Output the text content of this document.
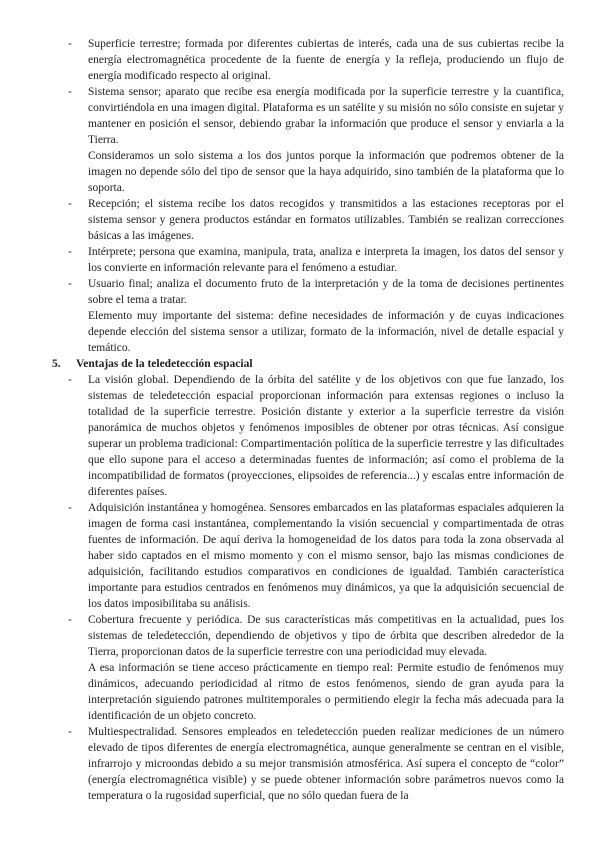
- Superficie terrestre; formada por diferentes cubiertas de interés, cada una de sus cubiertas recibe la energía electromagnética procedente de la fuente de energía y la refleja, produciendo un flujo de energía modificado respecto al original.

- Sistema sensor; aparato que recibe esa energía modificada por la superficie terrestre y la cuantifica, convirtiéndola en una imagen digital. Plataforma es un satélite y su misión no sólo consiste en sujetar y mantener en posición el sensor, debiendo grabar la información que produce el sensor y enviarla a la Tierra.

Consideramos un solo sistema a los dos juntos porque la información que podremos obtener de la imagen no depende sólo del tipo de sensor que la haya adquirido, sino también de la plataforma que lo soporta.

- Recepción; el sistema recibe los datos recogidos y transmitidos a las estaciones receptoras por el sistema sensor y genera productos estándar en formatos utilizables. También se realizan correcciones básicas a las imágenes.

- Intérprete; persona que examina, manipula, trata, analiza e interpreta la imagen, los datos del sensor y los convierte en información relevante para el fenómeno a estudiar.

- Usuario final; analiza el documento fruto de la interpretación y de la toma de decisiones pertinentes sobre el tema a tratar.

Elemento muy importante del sistema: define necesidades de información y de cuyas indicaciones depende elección del sistema sensor a utilizar, formato de la información, nivel de detalle espacial y temático.

5. Ventajas de la teledetección espacial
- La visión global. Dependiendo de la órbita del satélite y de los objetivos con que fue lanzado, los sistemas de teledetección espacial proporcionan información para extensas regiones o incluso la totalidad de la superficie terrestre. Posición distante y exterior a la superficie terrestre da visión panorámica de muchos objetos y fenómenos imposibles de obtener por otras técnicas. Así consigue superar un problema tradicional: Compartimentación política de la superficie terrestre y las dificultades que ello supone para el acceso a determinadas fuentes de información; así como el problema de la incompatibilidad de formatos (proyecciones, elipsoides de referencia...) y escalas entre información de diferentes países.

- Adquisición instantánea y homogénea. Sensores embarcados en las plataformas espaciales adquieren la imagen de forma casi instantánea, complementando la visión secuencial y compartimentada de otras fuentes de información. De aquí deriva la homogeneidad de los datos para toda la zona observada al haber sido captados en el mismo momento y con el mismo sensor, bajo las mismas condiciones de adquisición, facilitando estudios comparativos en condiciones de igualdad. También característica importante para estudios centrados en fenómenos muy dinámicos, ya que la adquisición secuencial de los datos imposibilitaba su análisis.

- Cobertura frecuente y periódica. De sus características más competitivas en la actualidad, pues los sistemas de teledetección, dependiendo de objetivos y tipo de órbita que describen alrededor de la Tierra, proporcionan datos de la superficie terrestre con una periodicidad muy elevada.

A esa información se tiene acceso prácticamente en tiempo real: Permite estudio de fenómenos muy dinámicos, adecuando periodicidad al ritmo de estos fenómenos, siendo de gran ayuda para la interpretación siguiendo patrones multitemporales o permitiendo elegir la fecha más adecuada para la identificación de un objeto concreto.

- Multiespectralidad. Sensores empleados en teledetección pueden realizar mediciones de un número elevado de tipos diferentes de energía electromagnética, aunque generalmente se centran en el visible, infrarrojo y microondas debido a su mejor transmisión atmosférica. Así supera el concepto de “color” (energía electromagnética visible) y se puede obtener información sobre parámetros nuevos como la temperatura o la rugosidad superficial, que no sólo quedan fuera de la
